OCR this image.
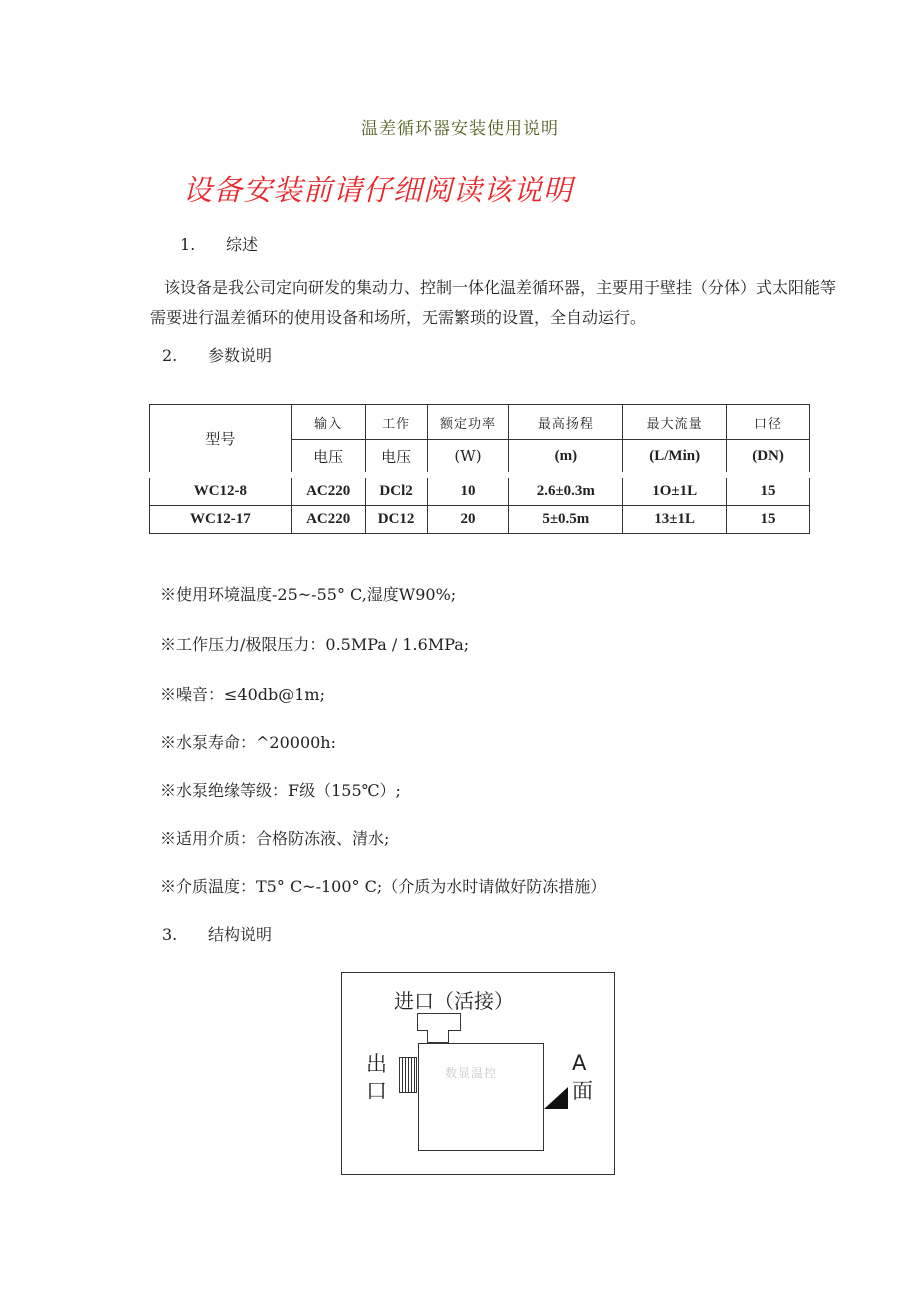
温差循环器安装使用说明
设备安装前请仔细阅读该说明
1. 综述
该设备是我公司定向研发的集动力、控制一体化温差循环器，主要用于壁挂（分体）式太阳能等需要进行温差循环的使用设备和场所，无需繁琐的设置，全自动运行。
2. 参数说明
型号	输入	工作	额定功率	最高扬程	最大流量	口径
	电压	电压	(W)	(m)	(L/Min)	(DN)
WC12-8	AC220	DCl2	10	2.6±0.3m	1O±1L	15
WC12-17	AC220	DC12	20	5±0.5m	13±1L	15
※使用环境温度-25~-55° C,湿度W90%;
※工作压力/极限压力：0.5MPa / 1.6MPa;
※噪音：≤40db@1m;
※水泵寿命：^20000h:
※水泵绝缘等级：F级（155℃）;
※适用介质：合格防冻液、清水;
※介质温度：T5° C~-100° C;（介质为水时请做好防冻措施）
3. 结构说明
进口（活接）
数显温控
出
口
A
面
